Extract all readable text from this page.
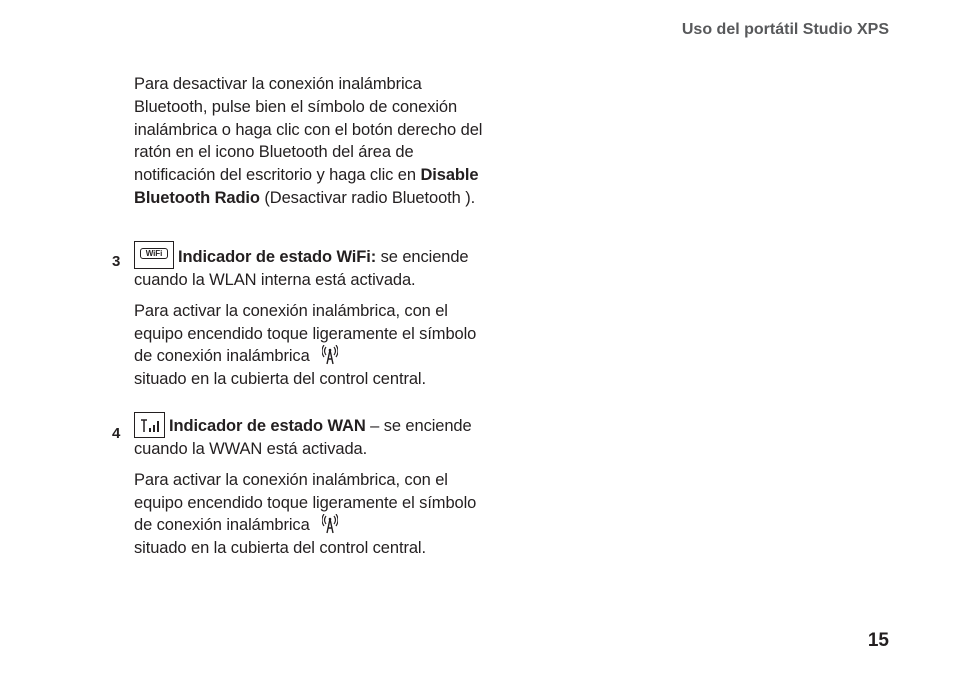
Uso del portátil Studio XPS

Para desactivar la conexión inalámbrica Bluetooth, pulse bien el símbolo de conexión inalámbrica o haga clic con el botón derecho del ratón en el icono Bluetooth del área de notificación del escritorio y haga clic en Disable Bluetooth Radio (Desactivar radio Bluetooth ).

3	WiFi Indicador de estado WiFi: se enciende cuando la WLAN interna está activada.

Para activar la conexión inalámbrica, con el equipo encendido toque ligeramente el símbolo de conexión inalámbrica
situado en la cubierta del control central.

4	Indicador de estado WAN – se enciende cuando la WWAN está activada.

Para activar la conexión inalámbrica, con el equipo encendido toque ligeramente el símbolo de conexión inalámbrica
situado en la cubierta del control central.

15
